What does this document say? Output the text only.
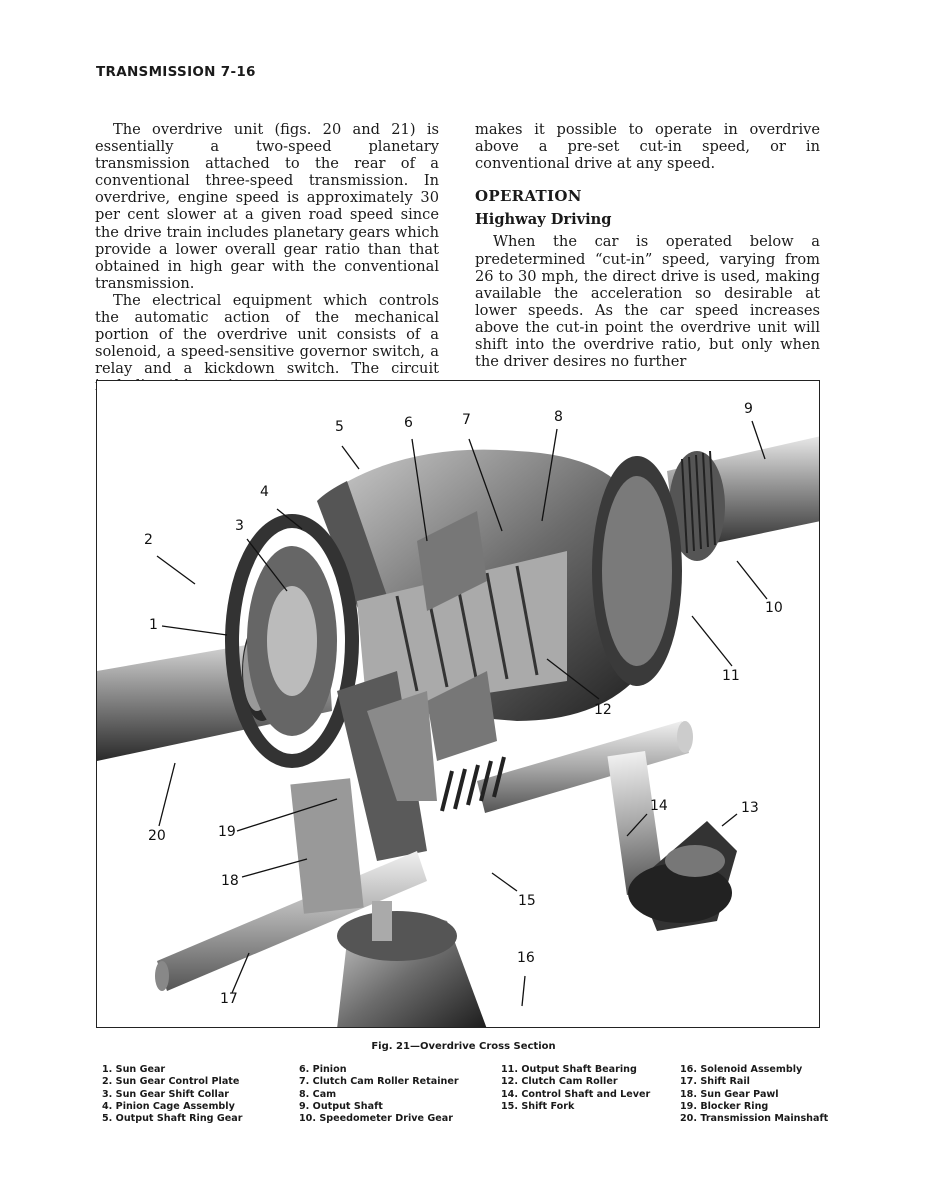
TRANSMISSION 7-16

The overdrive unit (figs. 20 and 21) is essentially a two-speed planetary transmission attached to the rear of a conventional three-speed transmission. In overdrive, engine speed is approximately 30 per cent slower at a given road speed since the drive train includes planetary gears which provide a lower overall gear ratio than that obtained in high gear with the conventional transmission.

The electrical equipment which controls the automatic action of the mechanical portion of the overdrive unit consists of a solenoid, a speed-sensitive governor switch, a relay and a kickdown switch. The circuit

makes it possible to operate in overdrive above a pre-set cut-in speed, or in conventional drive at any speed.

OPERATION
Highway Driving

When the car is operated below a predetermined “cut-in” speed, varying from 26 to 30 mph, the direct drive is used, making available the acceleration so desirable at lower speeds. As the car speed increases above the cut-in point the overdrive unit will shift into the overdrive ratio, but only when the driver desires no further

1
2
3
4
5	6	7	8	9
10
11
12
13
14
15
16
17
18
19
20
Fig. 21—Overdrive Cross Section
1. Sun Gear
2. Sun Gear Control Plate
3. Sun Gear Shift Collar
4. Pinion Cage Assembly
5. Output Shaft Ring Gear
6. Pinion
7. Clutch Cam Roller Retainer
8. Cam
9. Output Shaft
10. Speedometer Drive Gear
11. Output Shaft Bearing
12. Clutch Cam Roller
14. Control Shaft and Lever
15. Shift Fork
16. Solenoid Assembly
17. Shift Rail
18. Sun Gear Pawl
19. Blocker Ring
20. Transmission Mainshaft
